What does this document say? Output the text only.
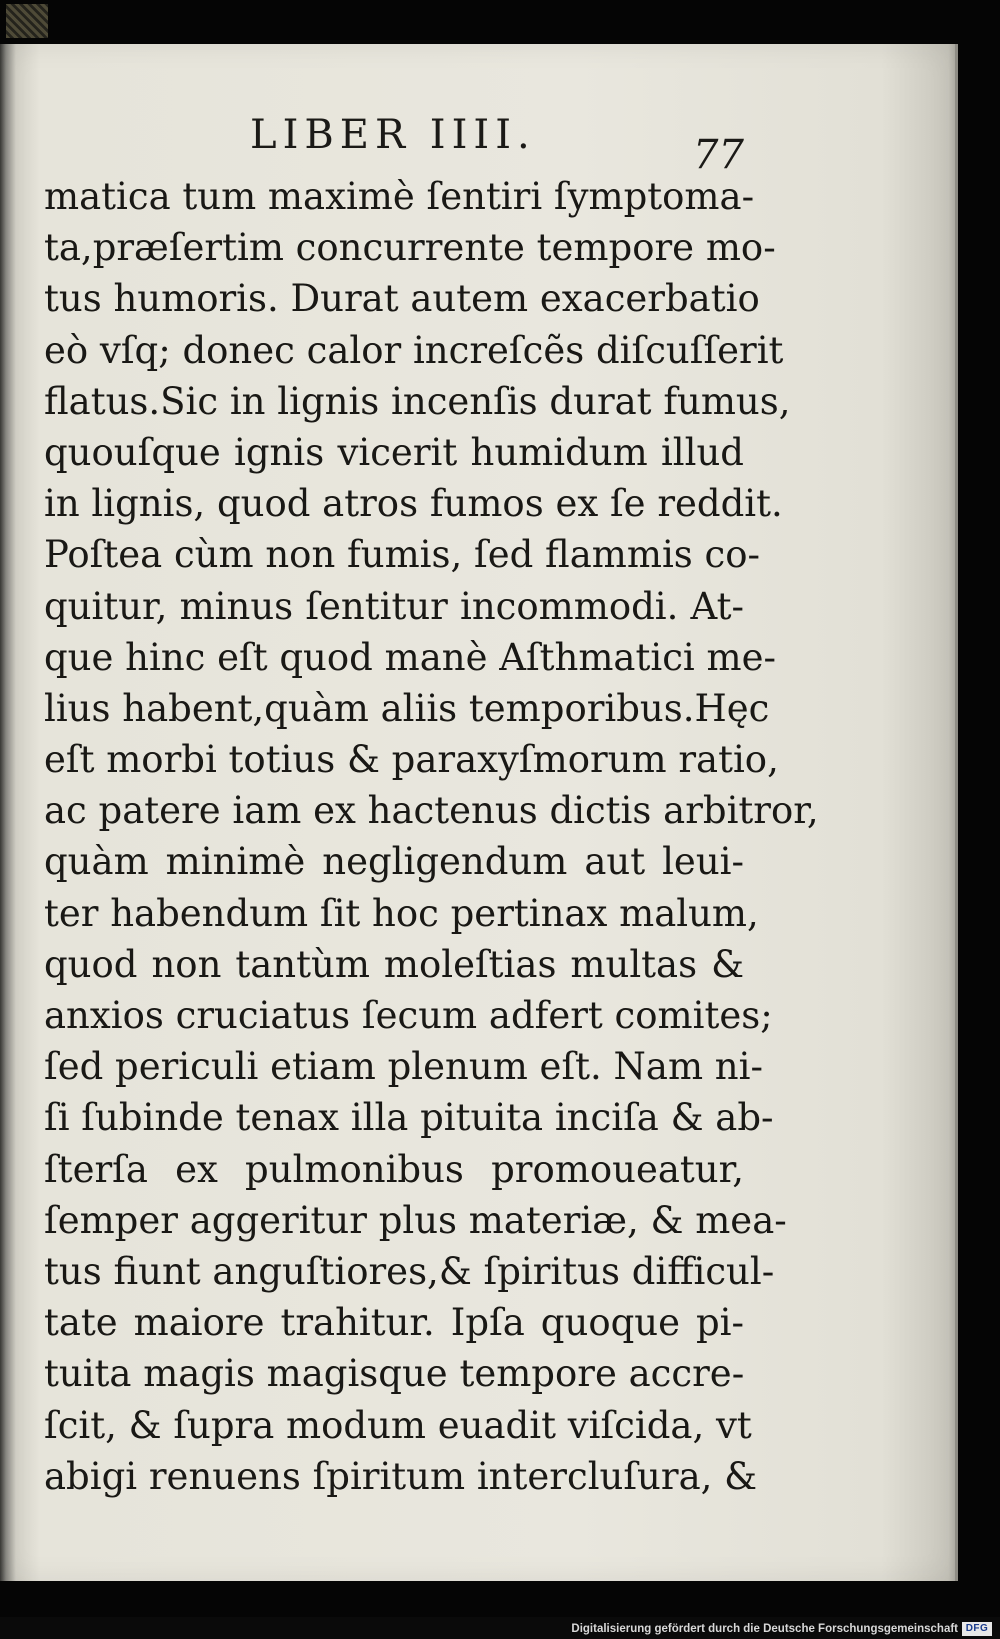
LIBER IIII.	77
matica tum maximè ſentiri ſymptoma-
ta,præſertim concurrente tempore mo-
tus humoris. Durat autem exacerbatio
eò vſq; donec calor increſcẽs diſcuſſerit
flatus.Sic in lignis incenſis durat fumus,
quouſque ignis vicerit humidum illud
in lignis, quod atros fumos ex ſe reddit.
Poſtea cùm non fumis, ſed flammis co-
quitur, minus ſentitur incommodi. At-
que hinc eſt quod manè Aſthmatici me-
lius habent,quàm aliis temporibus.Hęc
eſt morbi totius & paraxyſmorum ratio,
ac patere iam ex hactenus dictis arbitror,
quàm minimè negligendum aut leui-
ter habendum ſit hoc pertinax malum,
quod non tantùm moleſtias multas &
anxios cruciatus ſecum adfert comites;
ſed periculi etiam plenum eſt. Nam ni-
ſi ſubinde tenax illa pituita inciſa & ab-
ſterſa ex pulmonibus promoueatur,
ſemper aggeritur plus materiæ, & mea-
tus fiunt anguſtiores,& ſpiritus difficul-
tate maiore trahitur. Ipſa quoque pi-
tuita magis magisque tempore accre-
ſcit, & ſupra modum euadit viſcida, vt
abigi renuens ſpiritum intercluſura, &
Digitalisierung gefördert durch die Deutsche Forschungsgemeinschaft DFG
